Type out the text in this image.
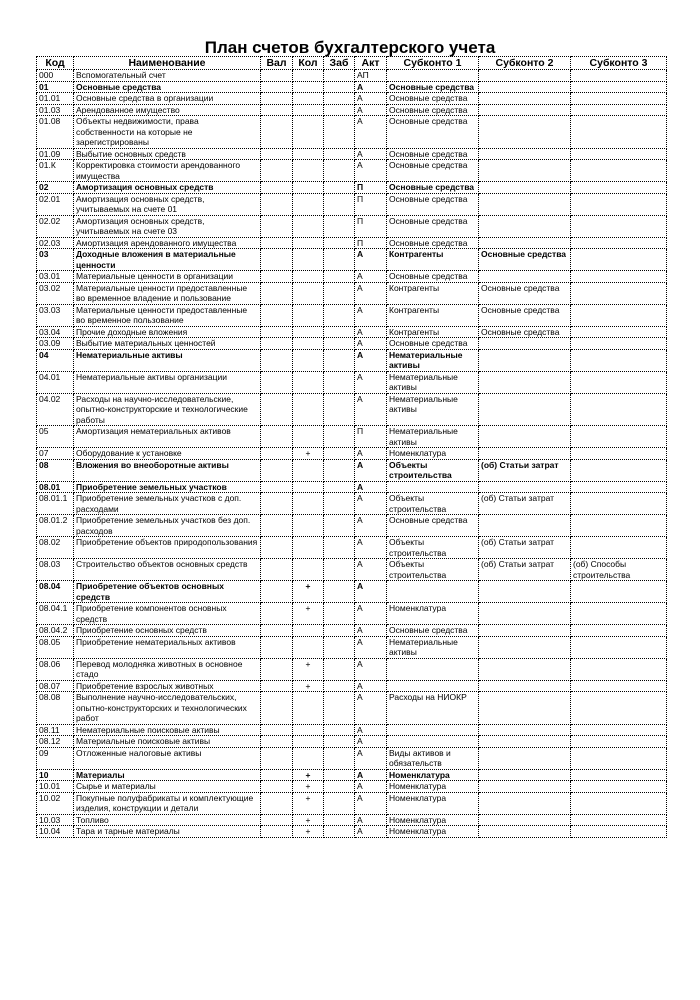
План счетов бухгалтерского учета
Код	Наименование	Вал	Кол	Заб	Акт	Субконто 1	Субконто 2	Субконто 3
000	Вспомогательный счет				АП			
01	Основные средства				А	Основные средства		
01.01	Основные средства в организации				А	Основные средства		
01.03	Арендованное имущество				А	Основные средства		
01.08	Объекты недвижимости, права собственности на которые не зарегистрированы				А	Основные средства		
01.09	Выбытие основных средств				А	Основные средства		
01.К	Корректировка стоимости арендованного имущества				А	Основные средства		
02	Амортизация основных средств				П	Основные средства		
02.01	Амортизация основных средств, учитываемых на счете 01				П	Основные средства		
02.02	Амортизация основных средств, учитываемых на счете 03				П	Основные средства		
02.03	Амортизация арендованного имущества				П	Основные средства		
03	Доходные вложения в материальные ценности				А	Контрагенты	Основные средства	
03.01	Материальные ценности в организации				А	Основные средства		
03.02	Материальные ценности предоставленные во временное владение и пользование				А	Контрагенты	Основные средства	
03.03	Материальные ценности предоставленные во временное пользование				А	Контрагенты	Основные средства	
03.04	Прочие доходные вложения				А	Контрагенты	Основные средства	
03.09	Выбытие материальных ценностей				А	Основные средства		
04	Нематериальные активы				А	Нематериальные активы		
04.01	Нематериальные активы организации				А	Нематериальные активы		
04.02	Расходы на научно-исследовательские, опытно-конструкторские и технологические работы				А	Нематериальные активы		
05	Амортизация нематериальных активов				П	Нематериальные активы		
07	Оборудование к установке		+		А	Номенклатура		
08	Вложения во внеоборотные активы				А	Объекты строительства	(об) Статьи затрат	
08.01	Приобретение земельных участков				А			
08.01.1	Приобретение земельных участков с доп. расходами				А	Объекты строительства	(об) Статьи затрат	
08.01.2	Приобретение земельных участков без доп. расходов				А	Основные средства		
08.02	Приобретение объектов природопользования				А	Объекты строительства	(об) Статьи затрат	
08.03	Строительство объектов основных средств				А	Объекты строительства	(об) Статьи затрат	(об) Способы строительства
08.04	Приобретение объектов основных средств		+		А			
08.04.1	Приобретение компонентов основных средств		+		А	Номенклатура		
08.04.2	Приобретение основных средств				А	Основные средства		
08.05	Приобретение нематериальных активов				А	Нематериальные активы		
08.06	Перевод молодняка животных в основное стадо		+		А			
08.07	Приобретение взрослых животных		+		А			
08.08	Выполнение научно-исследовательских, опытно-конструкторских и технологических работ				А	Расходы на НИОКР		
08.11	Нематериальные поисковые активы				А			
08.12	Материальные поисковые активы				А			
09	Отложенные налоговые активы				А	Виды активов и обязательств		
10	Материалы		+		А	Номенклатура		
10.01	Сырье и материалы		+		А	Номенклатура		
10.02	Покупные полуфабрикаты и комплектующие изделия, конструкции и детали		+		А	Номенклатура		
10.03	Топливо		+		А	Номенклатура		
10.04	Тара и тарные материалы		+		А	Номенклатура		
